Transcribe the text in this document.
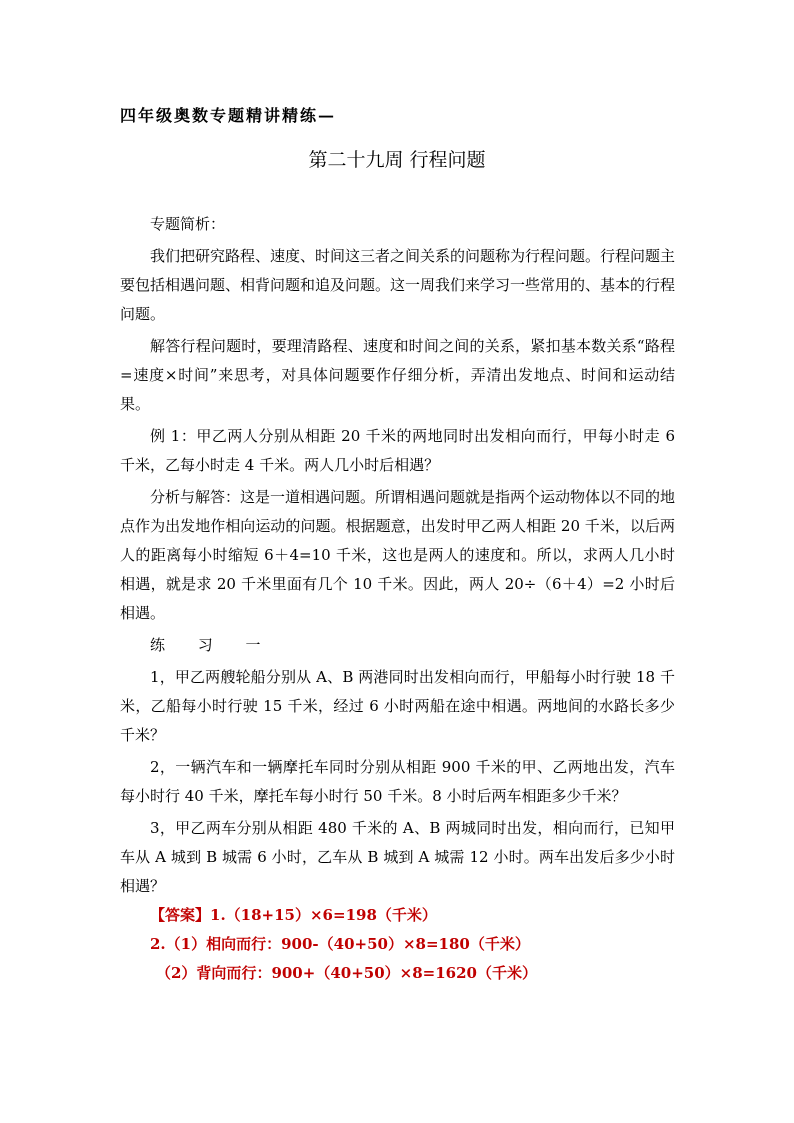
四年级奥数专题精讲精练—
第二十九周 行程问题

专题简析：

我们把研究路程、速度、时间这三者之间关系的问题称为行程问题。行程问题主要包括相遇问题、相背问题和追及问题。这一周我们来学习一些常用的、基本的行程问题。

解答行程问题时，要理清路程、速度和时间之间的关系，紧扣基本数关系“路程=速度×时间”来思考，对具体问题要作仔细分析，弄清出发地点、时间和运动结果。

例 1：甲乙两人分别从相距 20 千米的两地同时出发相向而行，甲每小时走 6 千米，乙每小时走 4 千米。两人几小时后相遇？

分析与解答：这是一道相遇问题。所谓相遇问题就是指两个运动物体以不同的地点作为出发地作相向运动的问题。根据题意，出发时甲乙两人相距 20 千米，以后两人的距离每小时缩短 6＋4=10 千米，这也是两人的速度和。所以，求两人几小时相遇，就是求 20 千米里面有几个 10 千米。因此，两人 20÷（6＋4）=2 小时后相遇。

练 习 一

1，甲乙两艘轮船分别从 A、B 两港同时出发相向而行，甲船每小时行驶 18 千米，乙船每小时行驶 15 千米，经过 6 小时两船在途中相遇。两地间的水路长多少千米？

2，一辆汽车和一辆摩托车同时分别从相距 900 千米的甲、乙两地出发，汽车每小时行 40 千米，摩托车每小时行 50 千米。8 小时后两车相距多少千米？

3，甲乙两车分别从相距 480 千米的 A、B 两城同时出发，相向而行，已知甲车从 A 城到 B 城需 6 小时，乙车从 B 城到 A 城需 12 小时。两车出发后多少小时相遇？

【答案】1.（18+15）×6=198（千米）

2.（1）相向而行：900-（40+50）×8=180（千米）

（2）背向而行：900+（40+50）×8=1620（千米）
